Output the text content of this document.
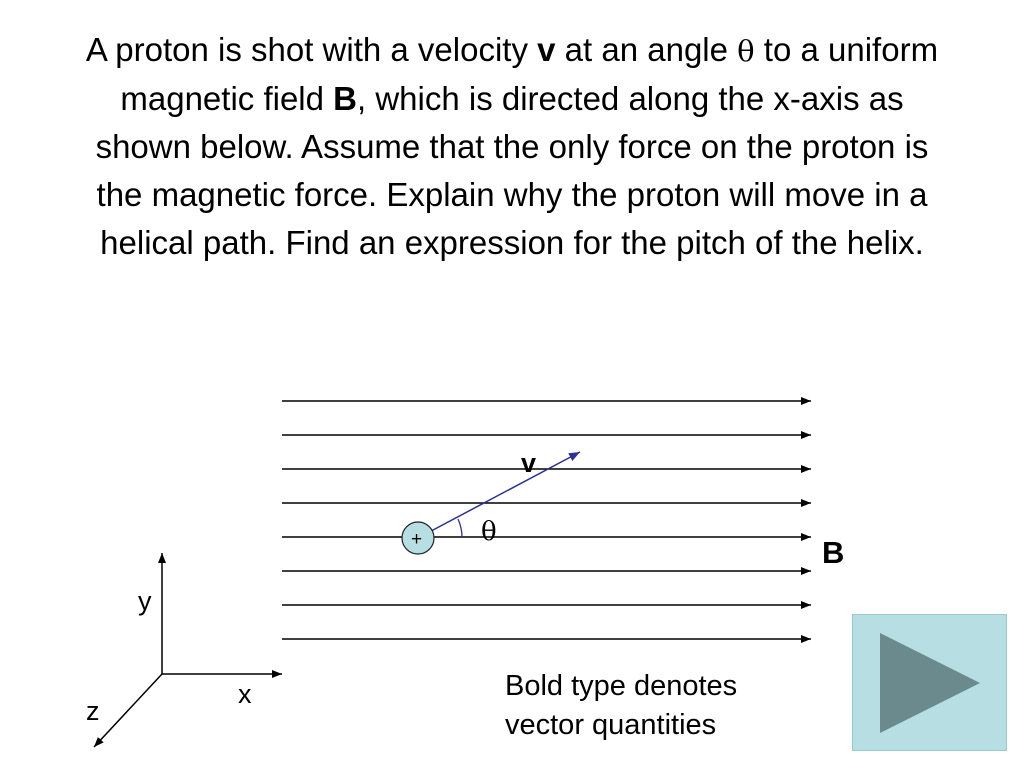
A proton is shot with a velocity v at an angle θ to a uniform magnetic field B, which is directed along the x-axis as shown below. Assume that the only force on the proton is the magnetic force. Explain why the proton will move in a helical path. Find an expression for the pitch of the helix.

+ θ
v
B
y
x
z

Bold type denotes
vector quantities
